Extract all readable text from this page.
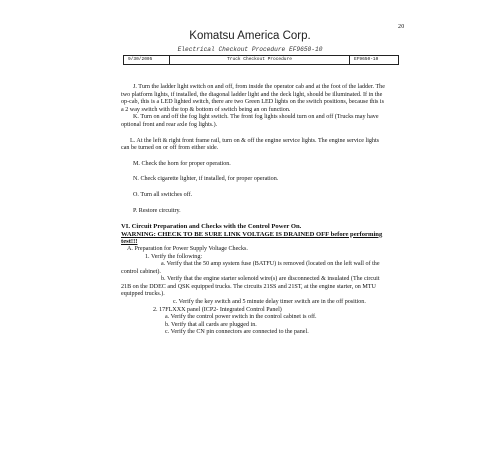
20
Komatsu America Corp.
Electrical Checkout Procedure EF9650-10
9/30/2005	Truck Checkout Procedure	EF9650-10

J. Turn the ladder light switch on and off, from inside the operator cab and at the foot of the ladder. The two platform lights, if installed, the diagonal ladder light and the deck light, should be illuminated. If in the op-cab, this is a LED lighted switch, there are two Green LED lights on the switch positions, because this is a 2 way switch with the top & bottom of switch being an on function.

K. Turn on and off the fog light switch. The front fog lights should turn on and off (Trucks may have optional front and rear axle fog lights.).

L. At the left & right front frame rail, turn on & off the engine service lights. The engine service lights can be turned on or off from either side.

M. Check the horn for proper operation.

N. Check cigarette lighter, if installed, for proper operation.

O. Turn all switches off.

P. Restore circuitry.

VI. Circuit Preparation and Checks with the Control Power On.

WARNING: CHECK TO BE SURE LINK VOLTAGE IS DRAINED OFF before performing test!!!

A. Preparation for Power Supply Voltage Checks.

1. Verify the following:

a. Verify that the 50 amp system fuse (BATFU) is removed (located on the left wall of the control cabinet).

b. Verify that the engine starter solenoid wire(s) are disconnected & insulated (The circuit 21B on the DDEC and QSK equipped trucks. The circuits 21SS and 21ST, at the engine starter, on MTU equipped trucks.).

c. Verify the key switch and 5 minute delay timer switch are in the off position.

2. 17FLXXX panel (ICP2- Integrated Control Panel)

a. Verify the control power switch in the control cabinet is off.

b. Verify that all cards are plugged in.

c. Verify the CN pin connectors are connected to the panel.
